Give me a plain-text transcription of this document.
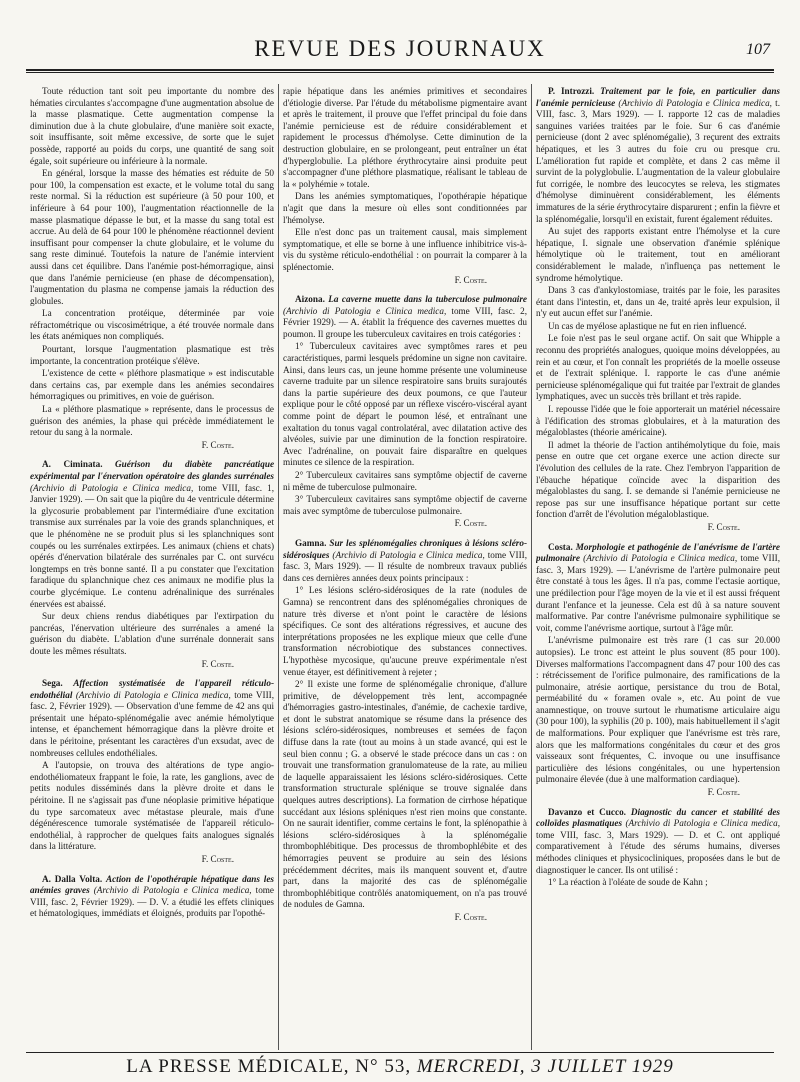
REVUE DES JOURNAUX	107

Toute réduction tant soit peu importante du nombre des hématies circulantes s'accompagne d'une augmentation absolue de la masse plasmatique. Cette augmentation compense la diminution due à la chute globulaire, d'une manière soit exacte, soit insuffisante, soit même excessive, de sorte que le sujet possède, rapporté au poids du corps, une quantité de sang soit égale, soit supérieure ou inférieure à la normale.

En général, lorsque la masse des hématies est réduite de 50 pour 100, la compensation est exacte, et le volume total du sang reste normal. Si la réduction est supérieure (à 50 pour 100, et inférieure à 64 pour 100), l'augmentation réactionnelle de la masse plasmatique dépasse le but, et la masse du sang total est accrue. Au delà de 64 pour 100 le phénomène réactionnel devient insuffisant pour compenser la chute globulaire, et le volume du sang reste diminué. Toutefois la nature de l'anémie intervient aussi dans cet équilibre. Dans l'anémie post-hémorragique, ainsi que dans l'anémie pernicieuse (en phase de décompensation), l'augmentation du plasma ne compense jamais la réduction des globules.

La concentration protéique, déterminée par voie réfractométrique ou viscosimétrique, a été trouvée normale dans les états anémiques non compliqués.

Pourtant, lorsque l'augmentation plasmatique est très importante, la concentration protéique s'élève.

L'existence de cette « pléthore plasmatique » est indiscutable dans certains cas, par exemple dans les anémies secondaires hémorragiques ou primitives, en voie de guérison.

La « pléthore plasmatique » représente, dans le processus de guérison des anémies, la phase qui précède immédiatement le retour du sang à la normale.

F. Coste.

A. Ciminata. Guérison du diabète pancréatique expérimental par l'énervation opératoire des glandes surrénales (Archivio di Patologia e Clinica medica, tome VIII, fasc. 1, Janvier 1929). — On sait que la piqûre du 4e ventricule détermine la glycosurie probablement par l'intermédiaire d'une excitation transmise aux surrénales par la voie des grands splanchniques, et que le phénomène ne se produit plus si les splanchniques sont coupés ou les surrénales extirpées. Les animaux (chiens et chats) opérés d'énervation bilatérale des surrénales par C. ont survécu longtemps en très bonne santé. Il a pu constater que l'excitation faradique du splanchnique chez ces animaux ne modifie plus la courbe glycémique. Le contenu adrénalinique des surrénales énervées est abaissé.

Sur deux chiens rendus diabétiques par l'extirpation du pancréas, l'énervation ultérieure des surrénales a amené la guérison du diabète. L'ablation d'une surrénale donnerait sans doute les mêmes résultats.

F. Coste.

Sega. Affection systématisée de l'appareil réticulo-endothélial (Archivio di Patologia e Clinica medica, tome VIII, fasc. 2, Février 1929). — Observation d'une femme de 42 ans qui présentait une hépato-splénomégalie avec anémie hémolytique intense, et épanchement hémorragique dans la plèvre droite et dans le péritoine, présentant les caractères d'un exsudat, avec de nombreuses cellules endothéliales.

A l'autopsie, on trouva des altérations de type angio-endothéliomateux frappant le foie, la rate, les ganglions, avec de petits nodules disséminés dans la plèvre droite et dans le péritoine. Il ne s'agissait pas d'une néoplasie primitive hépatique du type sarcomateux avec métastase pleurale, mais d'une dégénérescence tumorale systématisée de l'appareil réticulo-endothélial, à rapprocher de quelques faits analogues signalés dans la littérature.

F. Coste.

A. Dalla Volta. Action de l'opothérapie hépatique dans les anémies graves (Archivio di Patologia e Clinica medica, tome VIII, fasc. 2, Février 1929). — D. V. a étudié les effets cliniques et hématologiques, immédiats et éloignés, produits par l'opothé-

rapie hépatique dans les anémies primitives et secondaires d'étiologie diverse. Par l'étude du métabolisme pigmentaire avant et après le traitement, il prouve que l'effet principal du foie dans l'anémie pernicieuse est de réduire considérablement et rapidement le processus d'hémolyse. Cette diminution de la destruction globulaire, en se prolongeant, peut entraîner un état d'hyperglobulie. La pléthore érythrocytaire ainsi produite peut s'accompagner d'une pléthore plasmatique, réalisant le tableau de la « polyhémie » totale.

Dans les anémies symptomatiques, l'opothérapie hépatique n'agit que dans la mesure où elles sont conditionnées par l'hémolyse.

Elle n'est donc pas un traitement causal, mais simplement symptomatique, et elle se borne à une influence inhibitrice vis-à-vis du système réticulo-endothélial : on pourrait la comparer à la splénectomie.

F. Coste.

Aizona. La caverne muette dans la tuberculose pulmonaire (Archivio di Patologia e Clinica medica, tome VIII, fasc. 2, Février 1929). — A. établit la fréquence des cavernes muettes du poumon. Il groupe les tuberculeux cavitaires en trois catégories :

1° Tuberculeux cavitaires avec symptômes rares et peu caractéristiques, parmi lesquels prédomine un signe non cavitaire. Ainsi, dans leurs cas, un jeune homme présente une volumineuse caverne traduite par un silence respiratoire sans bruits surajoutés dans la partie supérieure des deux poumons, ce que l'auteur explique pour le côté opposé par un réflexe viscéro-viscéral ayant comme point de départ le poumon lésé, et entraînant une exaltation du tonus vagal controlatéral, avec dilatation active des alvéoles, suivie par une diminution de la fonction respiratoire. Avec l'adrénaline, on pouvait faire disparaître en quelques minutes ce silence de la respiration.

2° Tuberculeux cavitaires sans symptôme objectif de caverne ni même de tuberculose pulmonaire.

3° Tuberculeux cavitaires sans symptôme objectif de caverne mais avec symptôme de tuberculose pulmonaire.

F. Coste.

Gamna. Sur les splénomégalies chroniques à lésions scléro-sidérosiques (Archivio di Patologia e Clinica medica, tome VIII, fasc. 3, Mars 1929). — Il résulte de nombreux travaux publiés dans ces dernières années deux points principaux :

1° Les lésions scléro-sidérosiques de la rate (nodules de Gamna) se rencontrent dans des splénomégalies chroniques de nature très diverse et n'ont point le caractère de lésions spécifiques. Ce sont des altérations régressives, et aucune des interprétations proposées ne les explique mieux que celle d'une transformation nécrobiotique des substances connectives. L'hypothèse mycosique, qu'aucune preuve expérimentale n'est venue étayer, est définitivement à rejeter ;

2° Il existe une forme de splénomégalie chronique, d'allure primitive, de développement très lent, accompagnée d'hémorragies gastro-intestinales, d'anémie, de cachexie tardive, et dont le substrat anatomique se résume dans la présence des lésions scléro-sidérosiques, nombreuses et semées de façon diffuse dans la rate (tout au moins à un stade avancé, qui est le seul bien connu ; G. a observé le stade précoce dans un cas : on trouvait une transformation granulomateuse de la rate, au milieu de laquelle apparaissaient les lésions scléro-sidérosiques. Cette transformation structurale splénique se trouve signalée dans quelques autres descriptions). La formation de cirrhose hépatique succédant aux lésions spléniques n'est rien moins que constante. On ne saurait identifier, comme certains le font, la splénopathie à lésions scléro-sidérosiques à la splénomégalie thrombophlébitique. Des processus de thrombophlébite et des hémorragies peuvent se produire au sein des lésions précédemment décrites, mais ils manquent souvent et, d'autre part, dans la majorité des cas de splénomégalie thrombophlébitique contrôlés anatomiquement, on n'a pas trouvé de nodules de Gamna.

F. Coste.

P. Introzzi. Traitement par le foie, en particulier dans l'anémie pernicieuse (Archivio di Patologia e Clinica medica, t. VIII, fasc. 3, Mars 1929). — I. rapporte 12 cas de maladies sanguines variées traitées par le foie. Sur 6 cas d'anémie pernicieuse (dont 2 avec splénomégalie), 3 reçurent des extraits hépatiques, et les 3 autres du foie cru ou presque cru. L'amélioration fut rapide et complète, et dans 2 cas même il survint de la polyglobulie. L'augmentation de la valeur globulaire fut corrigée, le nombre des leucocytes se releva, les stigmates d'hémolyse diminuèrent considérablement, les éléments immatures de la série érythrocytaire disparurent ; enfin la fièvre et la splénomégalie, lorsqu'il en existait, furent également réduites.

Au sujet des rapports existant entre l'hémolyse et la cure hépatique, I. signale une observation d'anémie splénique hémolytique où le traitement, tout en améliorant considérablement le malade, n'influença pas nettement le syndrome hémolytique.

Dans 3 cas d'ankylostomiase, traités par le foie, les parasites étant dans l'intestin, et, dans un 4e, traité après leur expulsion, il n'y eut aucun effet sur l'anémie.

Un cas de myélose aplastique ne fut en rien influencé.

Le foie n'est pas le seul organe actif. On sait que Whipple a reconnu des propriétés analogues, quoique moins développées, au rein et au cœur, et l'on connaît les propriétés de la moelle osseuse et de l'extrait splénique. I. rapporte le cas d'une anémie pernicieuse splénomégalique qui fut traitée par l'extrait de glandes lymphatiques, avec un succès très brillant et très rapide.

I. repousse l'idée que le foie apporterait un matériel nécessaire à l'édification des stromas globulaires, et à la maturation des mégaloblastes (théorie américaine).

Il admet la théorie de l'action antihémolytique du foie, mais pense en outre que cet organe exerce une action directe sur l'évolution des cellules de la rate. Chez l'embryon l'apparition de l'ébauche hépatique coïncide avec la disparition des mégaloblastes du sang. I. se demande si l'anémie pernicieuse ne repose pas sur une insuffisance hépatique portant sur cette fonction d'arrêt de l'évolution mégaloblastique.

F. Coste.

Costa. Morphologie et pathogénie de l'anévrisme de l'artère pulmonaire (Archivio di Patologia e Clinica medica, tome VIII, fasc. 3, Mars 1929). — L'anévrisme de l'artère pulmonaire peut être constaté à tous les âges. Il n'a pas, comme l'ectasie aortique, une prédilection pour l'âge moyen de la vie et il est aussi fréquent durant l'enfance et la jeunesse. Cela est dû à sa nature souvent malformative. Par contre l'anévrisme pulmonaire syphilitique se voit, comme l'anévrisme aortique, surtout à l'âge mûr.

L'anévrisme pulmonaire est très rare (1 cas sur 20.000 autopsies). Le tronc est atteint le plus souvent (85 pour 100). Diverses malformations l'accompagnent dans 47 pour 100 des cas : rétrécissement de l'orifice pulmonaire, des ramifications de la pulmonaire, atrésie aortique, persistance du trou de Botal, perméabilité du « foramen ovale », etc. Au point de vue anamnestique, on trouve surtout le rhumatisme articulaire aigu (30 pour 100), la syphilis (20 p. 100), mais habituellement il s'agit de malformations. Pour expliquer que l'anévrisme est très rare, alors que les malformations congénitales du cœur et des gros vaisseaux sont fréquentes, C. invoque ou une insuffisance particulière des lésions congénitales, ou une hypertension pulmonaire élevée (due à une malformation cardiaque).

F. Coste.

Davanzo et Cucco. Diagnostic du cancer et stabilité des colloïdes plasmatiques (Archivio di Patologia e Clinica medica, tome VIII, fasc. 3, Mars 1929). — D. et C. ont appliqué comparativement à l'étude des sérums humains, diverses méthodes cliniques et physicocliniques, proposées dans le but de diagnostiquer le cancer. Ils ont utilisé :

1° La réaction à l'oléate de soude de Kahn ;

LA PRESSE MÉDICALE, N° 53, MERCREDI, 3 JUILLET 1929
